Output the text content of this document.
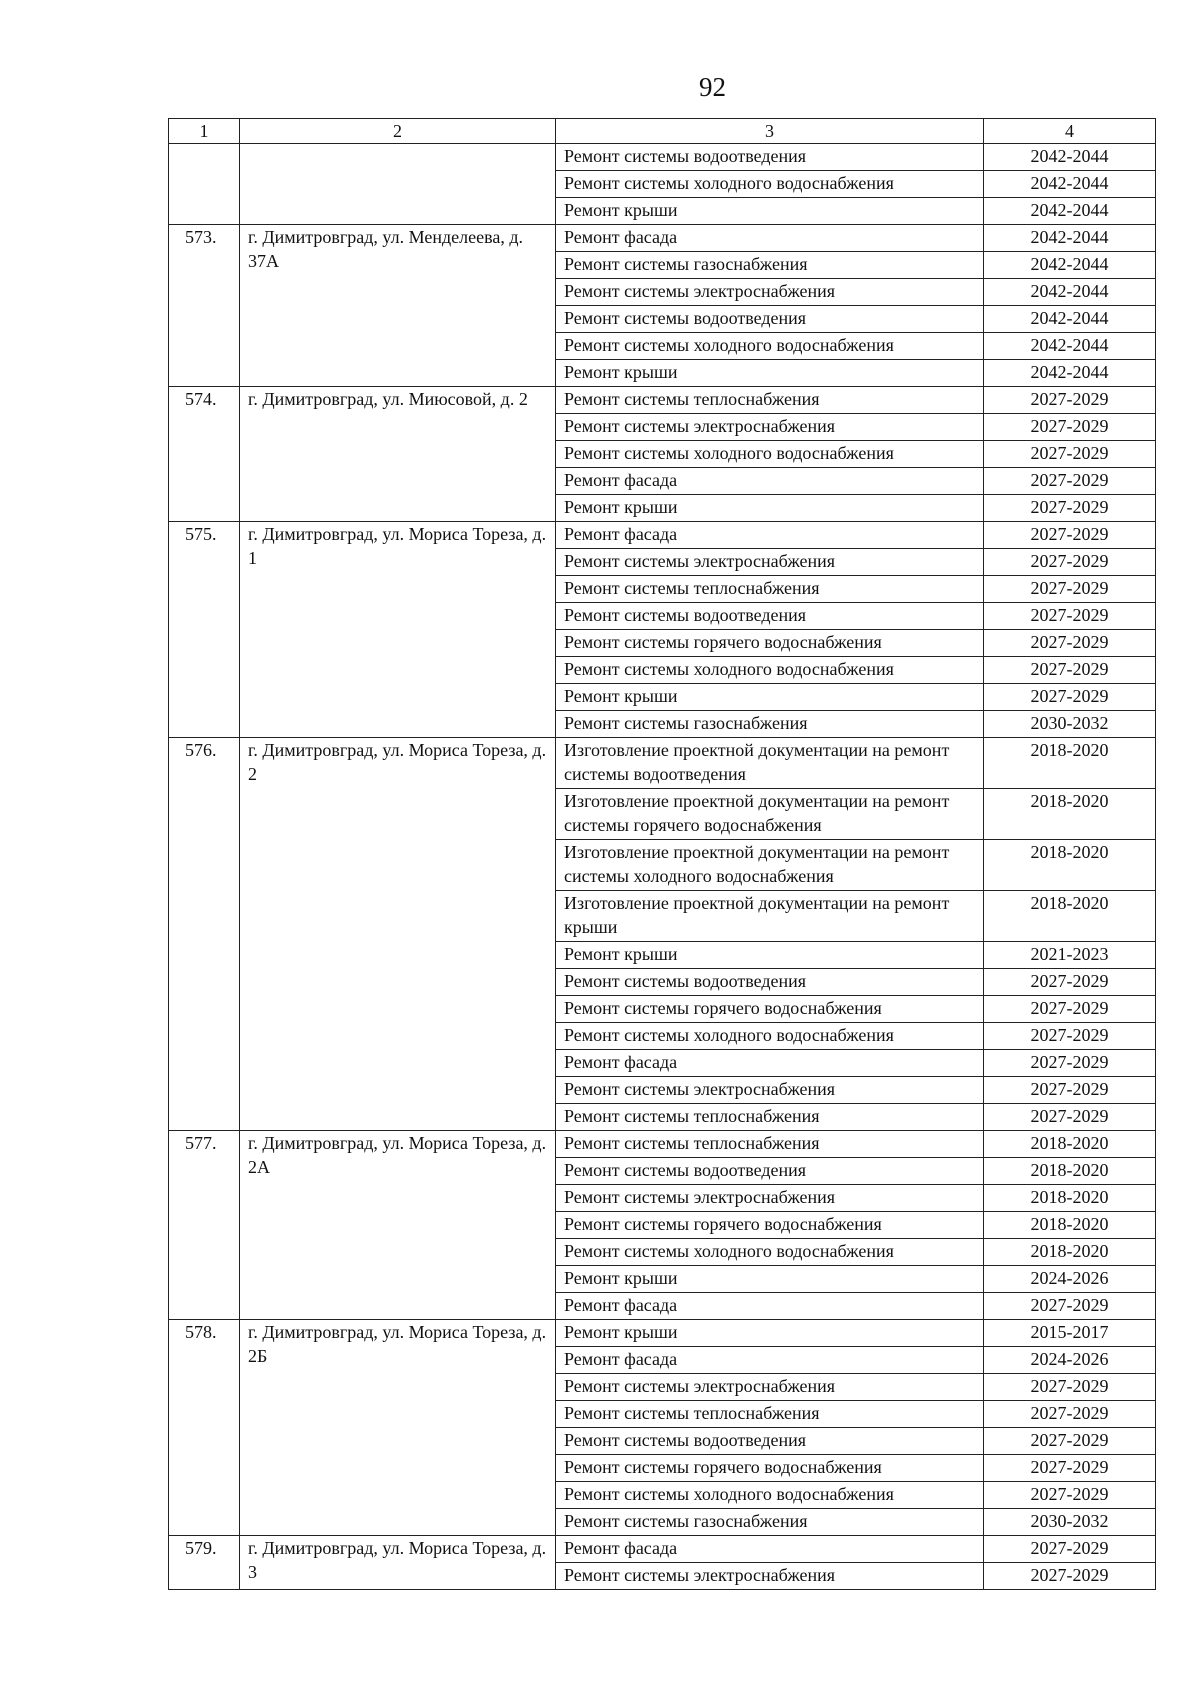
92
1	2	3	4
		Ремонт системы водоотведения	2042-2044
		Ремонт системы холодного водоснабжения	2042-2044
		Ремонт крыши	2042-2044
573.	г. Димитровград, ул. Менделеева, д. 37А	Ремонт фасада	2042-2044
		Ремонт системы газоснабжения	2042-2044
		Ремонт системы электроснабжения	2042-2044
		Ремонт системы водоотведения	2042-2044
		Ремонт системы холодного водоснабжения	2042-2044
		Ремонт крыши	2042-2044
574.	г. Димитровград, ул. Миюсовой, д. 2	Ремонт системы теплоснабжения	2027-2029
		Ремонт системы электроснабжения	2027-2029
		Ремонт системы холодного водоснабжения	2027-2029
		Ремонт фасада	2027-2029
		Ремонт крыши	2027-2029
575.	г. Димитровград, ул. Мориса Тореза, д. 1	Ремонт фасада	2027-2029
		Ремонт системы электроснабжения	2027-2029
		Ремонт системы теплоснабжения	2027-2029
		Ремонт системы водоотведения	2027-2029
		Ремонт системы горячего водоснабжения	2027-2029
		Ремонт системы холодного водоснабжения	2027-2029
		Ремонт крыши	2027-2029
		Ремонт системы газоснабжения	2030-2032
576.	г. Димитровград, ул. Мориса Тореза, д. 2	Изготовление проектной документации на ремонт системы водоотведения	2018-2020
		Изготовление проектной документации на ремонт системы горячего водоснабжения	2018-2020
		Изготовление проектной документации на ремонт системы холодного водоснабжения	2018-2020
		Изготовление проектной документации на ремонт крыши	2018-2020
		Ремонт крыши	2021-2023
		Ремонт системы водоотведения	2027-2029
		Ремонт системы горячего водоснабжения	2027-2029
		Ремонт системы холодного водоснабжения	2027-2029
		Ремонт фасада	2027-2029
		Ремонт системы электроснабжения	2027-2029
		Ремонт системы теплоснабжения	2027-2029
577.	г. Димитровград, ул. Мориса Тореза, д. 2А	Ремонт системы теплоснабжения	2018-2020
		Ремонт системы водоотведения	2018-2020
		Ремонт системы электроснабжения	2018-2020
		Ремонт системы горячего водоснабжения	2018-2020
		Ремонт системы холодного водоснабжения	2018-2020
		Ремонт крыши	2024-2026
		Ремонт фасада	2027-2029
578.	г. Димитровград, ул. Мориса Тореза, д. 2Б	Ремонт крыши	2015-2017
		Ремонт фасада	2024-2026
		Ремонт системы электроснабжения	2027-2029
		Ремонт системы теплоснабжения	2027-2029
		Ремонт системы водоотведения	2027-2029
		Ремонт системы горячего водоснабжения	2027-2029
		Ремонт системы холодного водоснабжения	2027-2029
		Ремонт системы газоснабжения	2030-2032
579.	г. Димитровград, ул. Мориса Тореза, д. 3	Ремонт фасада	2027-2029
		Ремонт системы электроснабжения	2027-2029
